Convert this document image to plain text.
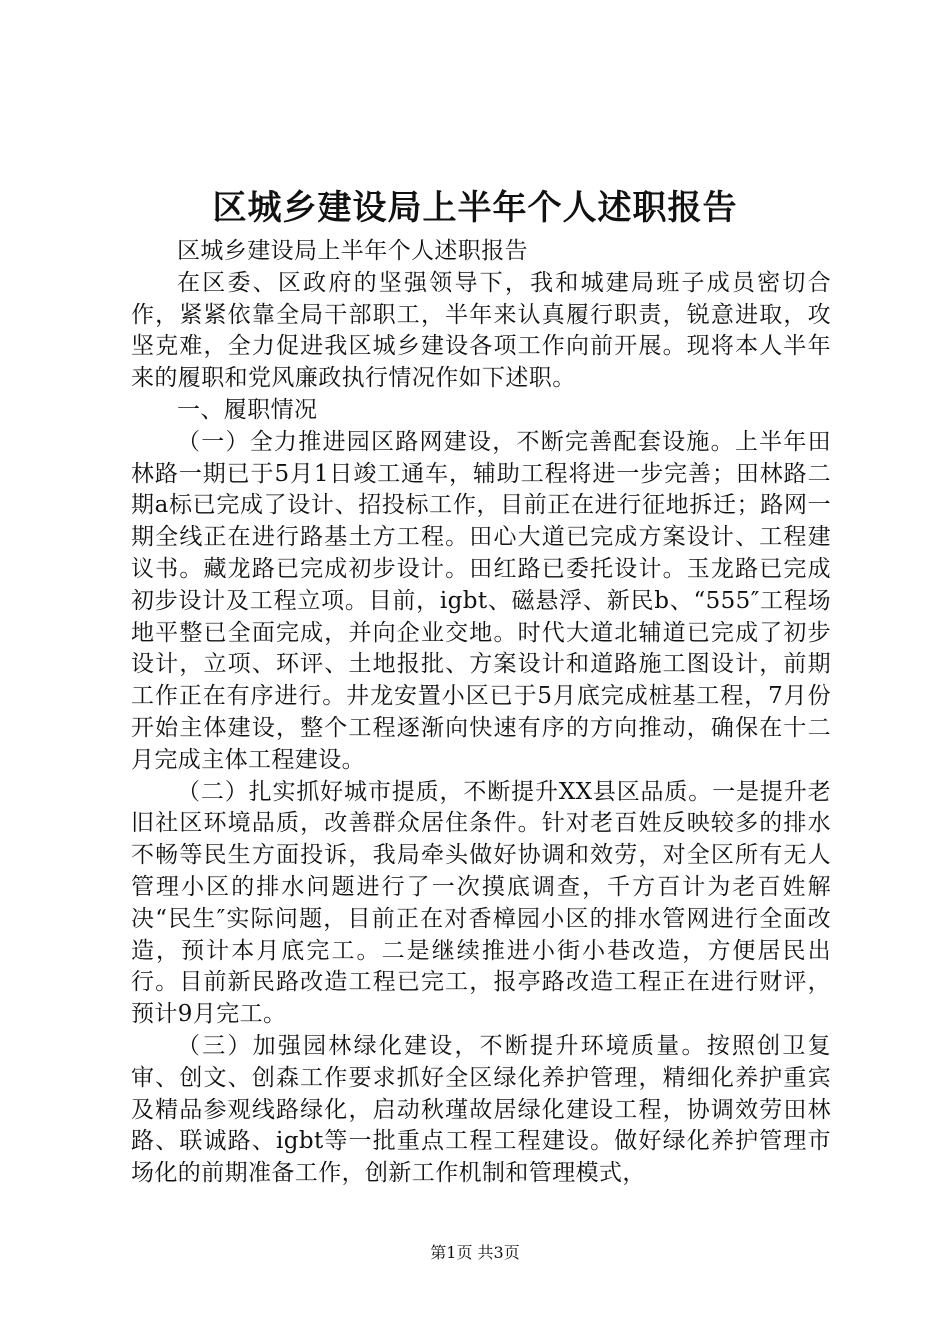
区城乡建设局上半年个人述职报告

区城乡建设局上半年个人述职报告

在区委、区政府的坚强领导下，我和城建局班子成员密切合作，紧紧依靠全局干部职工，半年来认真履行职责，锐意进取，攻坚克难，全力促进我区城乡建设各项工作向前开展。现将本人半年来的履职和党风廉政执行情况作如下述职。

一、履职情况

（一）全力推进园区路网建设，不断完善配套设施。上半年田林路一期已于5月1日竣工通车，辅助工程将进一步完善；田林路二期a标已完成了设计、招投标工作，目前正在进行征地拆迁；路网一期全线正在进行路基土方工程。田心大道已完成方案设计、工程建议书。藏龙路已完成初步设计。田红路已委托设计。玉龙路已完成初步设计及工程立项。目前，igbt、磁悬浮、新民b、“555″工程场地平整已全面完成，并向企业交地。时代大道北辅道已完成了初步设计，立项、环评、土地报批、方案设计和道路施工图设计，前期工作正在有序进行。井龙安置小区已于5月底完成桩基工程，7月份开始主体建设，整个工程逐渐向快速有序的方向推动，确保在十二月完成主体工程建设。

（二）扎实抓好城市提质，不断提升XX县区品质。一是提升老旧社区环境品质，改善群众居住条件。针对老百姓反映较多的排水不畅等民生方面投诉，我局牵头做好协调和效劳，对全区所有无人管理小区的排水问题进行了一次摸底调查，千方百计为老百姓解决“民生″实际问题，目前正在对香樟园小区的排水管网进行全面改造，预计本月底完工。二是继续推进小街小巷改造，方便居民出行。目前新民路改造工程已完工，报亭路改造工程正在进行财评，预计9月完工。

（三）加强园林绿化建设，不断提升环境质量。按照创卫复审、创文、创森工作要求抓好全区绿化养护管理，精细化养护重宾及精品参观线路绿化，启动秋瑾故居绿化建设工程，协调效劳田林路、联诚路、igbt等一批重点工程工程建设。做好绿化养护管理市场化的前期准备工作，创新工作机制和管理模式，

第1页 共3页
